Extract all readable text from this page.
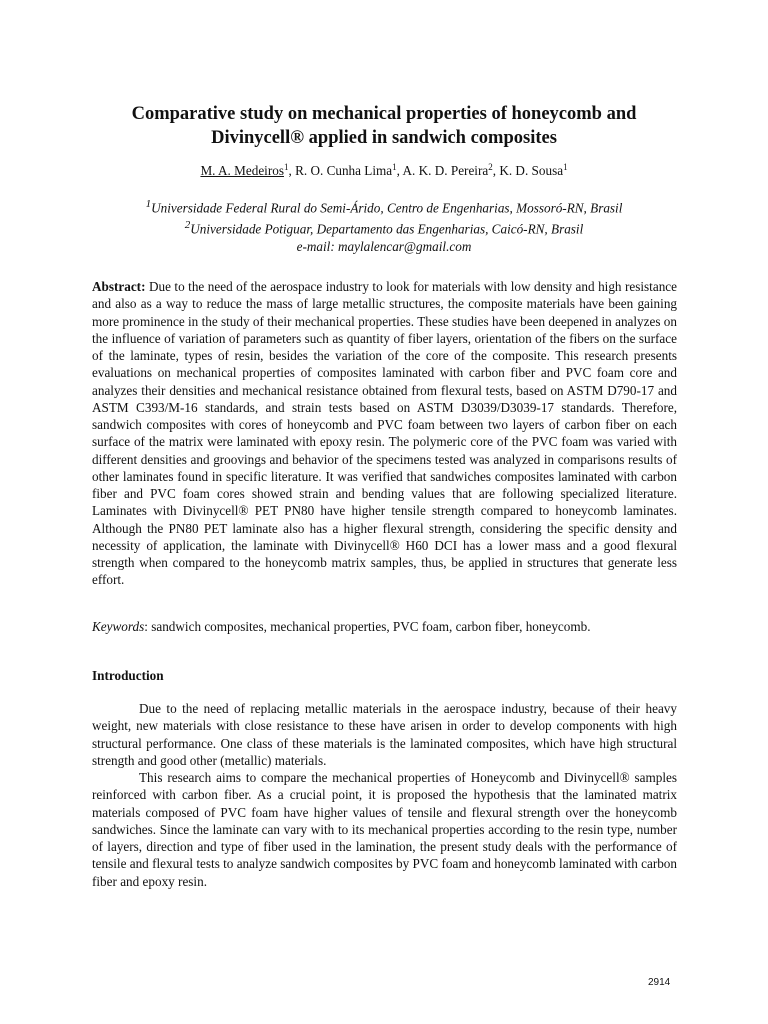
Comparative study on mechanical properties of honeycomb and
Divinycell® applied in sandwich composites
M. A. Medeiros$^1$, R. O. Cunha Lima$^1$, A. K. D. Pereira$^2$, K. D. Sousa$^1$
$^1$Universidade Federal Rural do Semi-Árido, Centro de Engenharias, Mossoró-RN, Brasil
$^2$Universidade Potiguar, Departamento das Engenharias, Caicó-RN, Brasil
e-mail: maylalencar@gmail.com

Abstract: Due to the need of the aerospace industry to look for materials with low density and high resistance and also as a way to reduce the mass of large metallic structures, the composite materials have been gaining more prominence in the study of their mechanical properties. These studies have been deepened in analyzes on the influence of variation of parameters such as quantity of fiber layers, orientation of the fibers on the surface of the laminate, types of resin, besides the variation of the core of the composite. This research presents evaluations on mechanical properties of composites laminated with carbon fiber and PVC foam core and analyzes their densities and mechanical resistance obtained from flexural tests, based on ASTM D790-17 and ASTM C393/M-16 standards, and strain tests based on ASTM D3039/D3039-17 standards. Therefore, sandwich composites with cores of honeycomb and PVC foam between two layers of carbon fiber on each surface of the matrix were laminated with epoxy resin. The polymeric core of the PVC foam was varied with different densities and groovings and behavior of the specimens tested was analyzed in comparisons results of other laminates found in specific literature. It was verified that sandwiches composites laminated with carbon fiber and PVC foam cores showed strain and bending values that are following specialized literature. Laminates with Divinycell® PET PN80 have higher tensile strength compared to honeycomb laminates. Although the PN80 PET laminate also has a higher flexural strength, considering the specific density and necessity of application, the laminate with Divinycell® H60 DCI has a lower mass and a good flexural strength when compared to the honeycomb matrix samples, thus, be applied in structures that generate less effort.

Keywords: sandwich composites, mechanical properties, PVC foam, carbon fiber, honeycomb.

Introduction

Due to the need of replacing metallic materials in the aerospace industry, because of their heavy weight, new materials with close resistance to these have arisen in order to develop components with high structural performance. One class of these materials is the laminated composites, which have high structural strength and good other (metallic) materials.

This research aims to compare the mechanical properties of Honeycomb and Divinycell® samples reinforced with carbon fiber. As a crucial point, it is proposed the hypothesis that the laminated matrix materials composed of PVC foam have higher values of tensile and flexural strength over the honeycomb sandwiches. Since the laminate can vary with to its mechanical properties according to the resin type, number of layers, direction and type of fiber used in the lamination, the present study deals with the performance of tensile and flexural tests to analyze sandwich composites by PVC foam and honeycomb laminated with carbon fiber and epoxy resin.

2914
